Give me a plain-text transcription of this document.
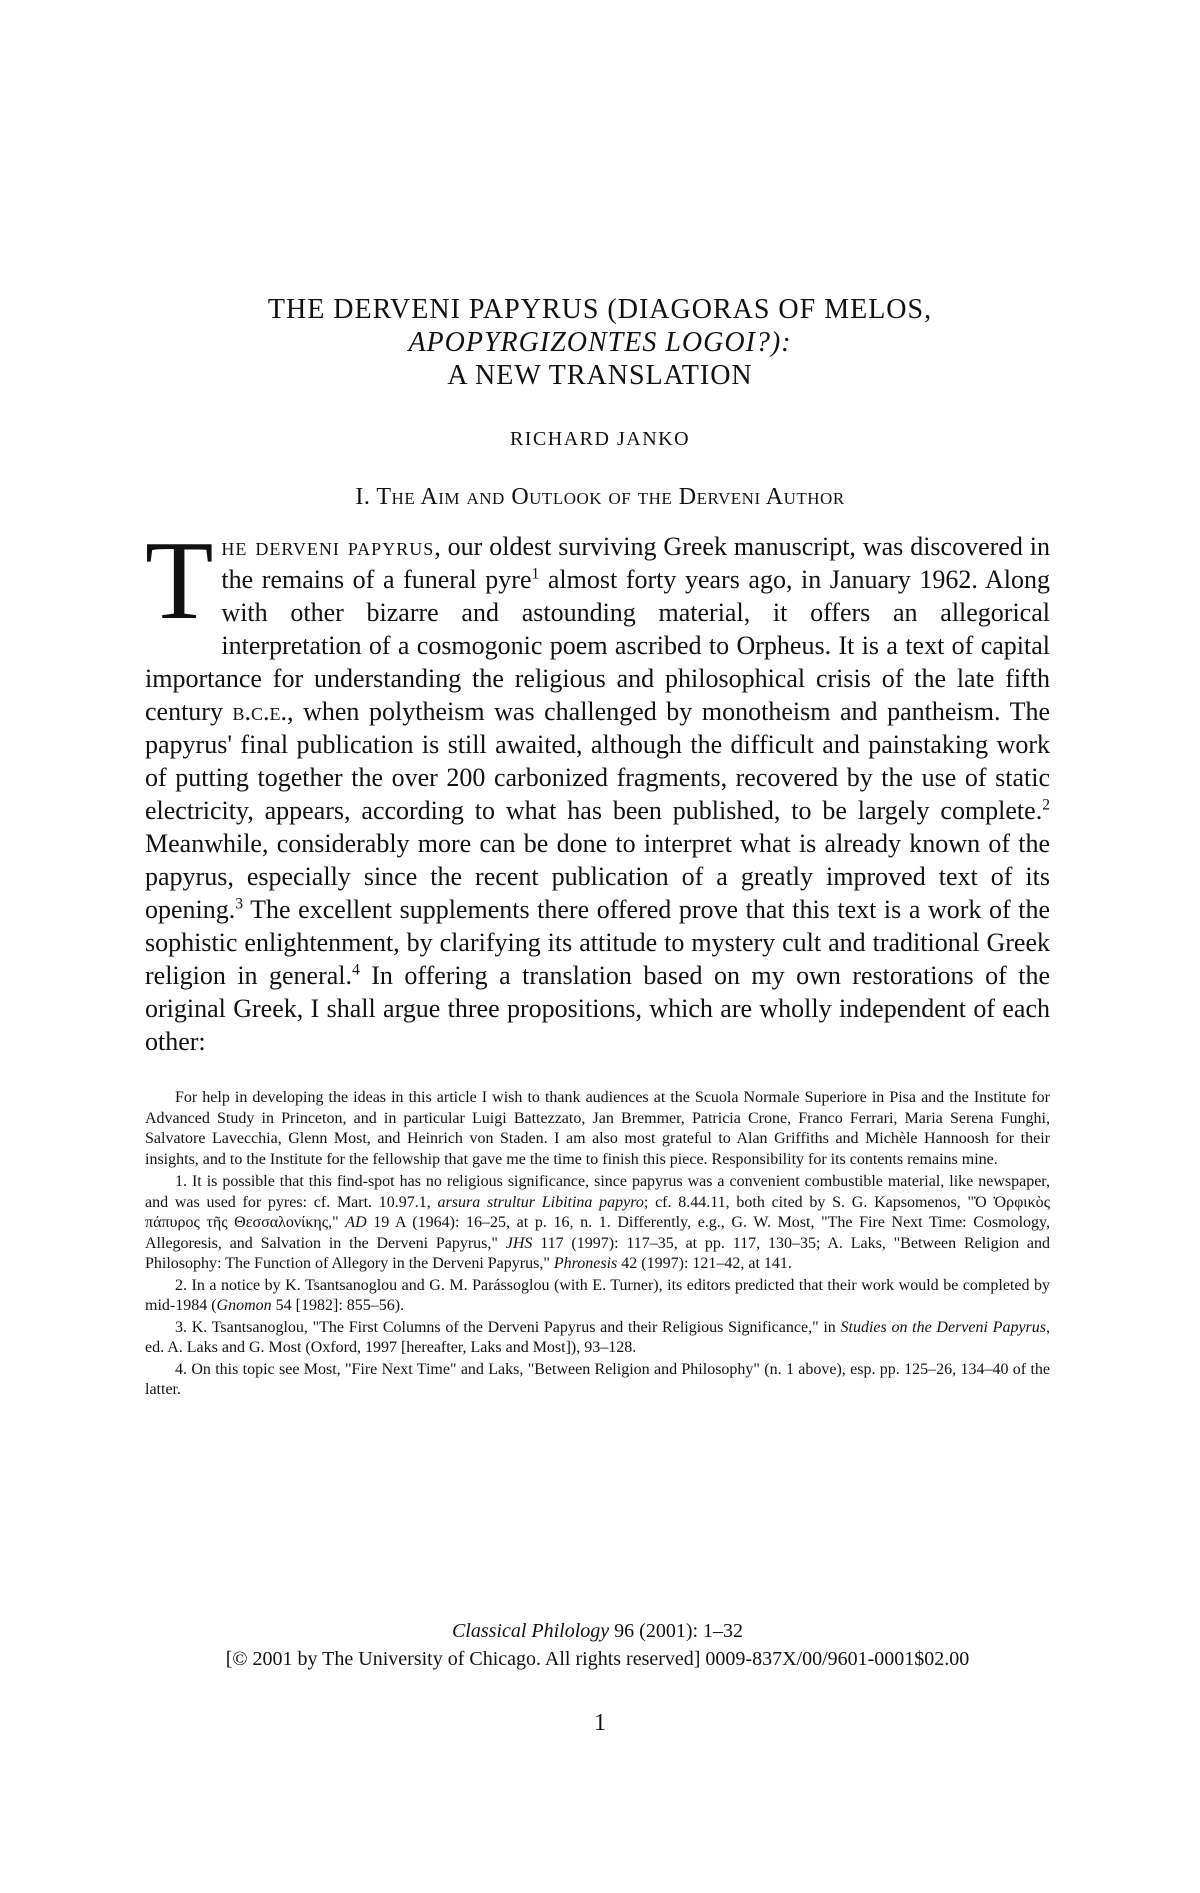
THE DERVENI PAPYRUS (DIAGORAS OF MELOS,
APOPYRGIZONTES LOGOI?):
A NEW TRANSLATION
RICHARD JANKO
I. The Aim and Outlook of the Derveni Author
The derveni papyrus, our oldest surviving Greek manuscript, was discovered in the remains of a funeral pyre$^1$ almost forty years ago, in January 1962. Along with other bizarre and astounding material, it offers an allegorical interpretation of a cosmogonic poem ascribed to Orpheus. It is a text of capital importance for understanding the religious and philosophical crisis of the late fifth century b.c.e., when polytheism was challenged by monotheism and pantheism. The papyrus' final publication is still awaited, although the difficult and painstaking work of putting together the over 200 carbonized fragments, recovered by the use of static electricity, appears, according to what has been published, to be largely complete.$^2$ Meanwhile, considerably more can be done to interpret what is already known of the papyrus, especially since the recent publication of a greatly improved text of its opening.$^3$ The excellent supplements there offered prove that this text is a work of the sophistic enlightenment, by clarifying its attitude to mystery cult and traditional Greek religion in general.$^4$ In offering a translation based on my own restorations of the original Greek, I shall argue three propositions, which are wholly independent of each other:

For help in developing the ideas in this article I wish to thank audiences at the Scuola Normale Superiore in Pisa and the Institute for Advanced Study in Princeton, and in particular Luigi Battezzato, Jan Bremmer, Patricia Crone, Franco Ferrari, Maria Serena Funghi, Salvatore Lavecchia, Glenn Most, and Heinrich von Staden. I am also most grateful to Alan Griffiths and Michèle Hannoosh for their insights, and to the Institute for the fellowship that gave me the time to finish this piece. Responsibility for its contents remains mine.

1. It is possible that this find-spot has no religious significance, since papyrus was a convenient combustible material, like newspaper, and was used for pyres: cf. Mart. 10.97.1, arsura strultur Libitina papyro; cf. 8.44.11, both cited by S. G. Kapsomenos, "Ὁ Ὀρφικὸς πάπυρος τῆς Θεσσαλονίκης," AD 19 A (1964): 16–25, at p. 16, n. 1. Differently, e.g., G. W. Most, "The Fire Next Time: Cosmology, Allegoresis, and Salvation in the Derveni Papyrus," JHS 117 (1997): 117–35, at pp. 117, 130–35; A. Laks, "Between Religion and Philosophy: The Function of Allegory in the Derveni Papyrus," Phronesis 42 (1997): 121–42, at 141.

2. In a notice by K. Tsantsanoglou and G. M. Parássoglou (with E. Turner), its editors predicted that their work would be completed by mid-1984 (Gnomon 54 [1982]: 855–56).

3. K. Tsantsanoglou, "The First Columns of the Derveni Papyrus and their Religious Significance," in Studies on the Derveni Papyrus, ed. A. Laks and G. Most (Oxford, 1997 [hereafter, Laks and Most]), 93–128.

4. On this topic see Most, "Fire Next Time" and Laks, "Between Religion and Philosophy" (n. 1 above), esp. pp. 125–26, 134–40 of the latter.

Classical Philology 96 (2001): 1–32
[© 2001 by The University of Chicago. All rights reserved] 0009-837X/00/9601-0001$02.00
1
